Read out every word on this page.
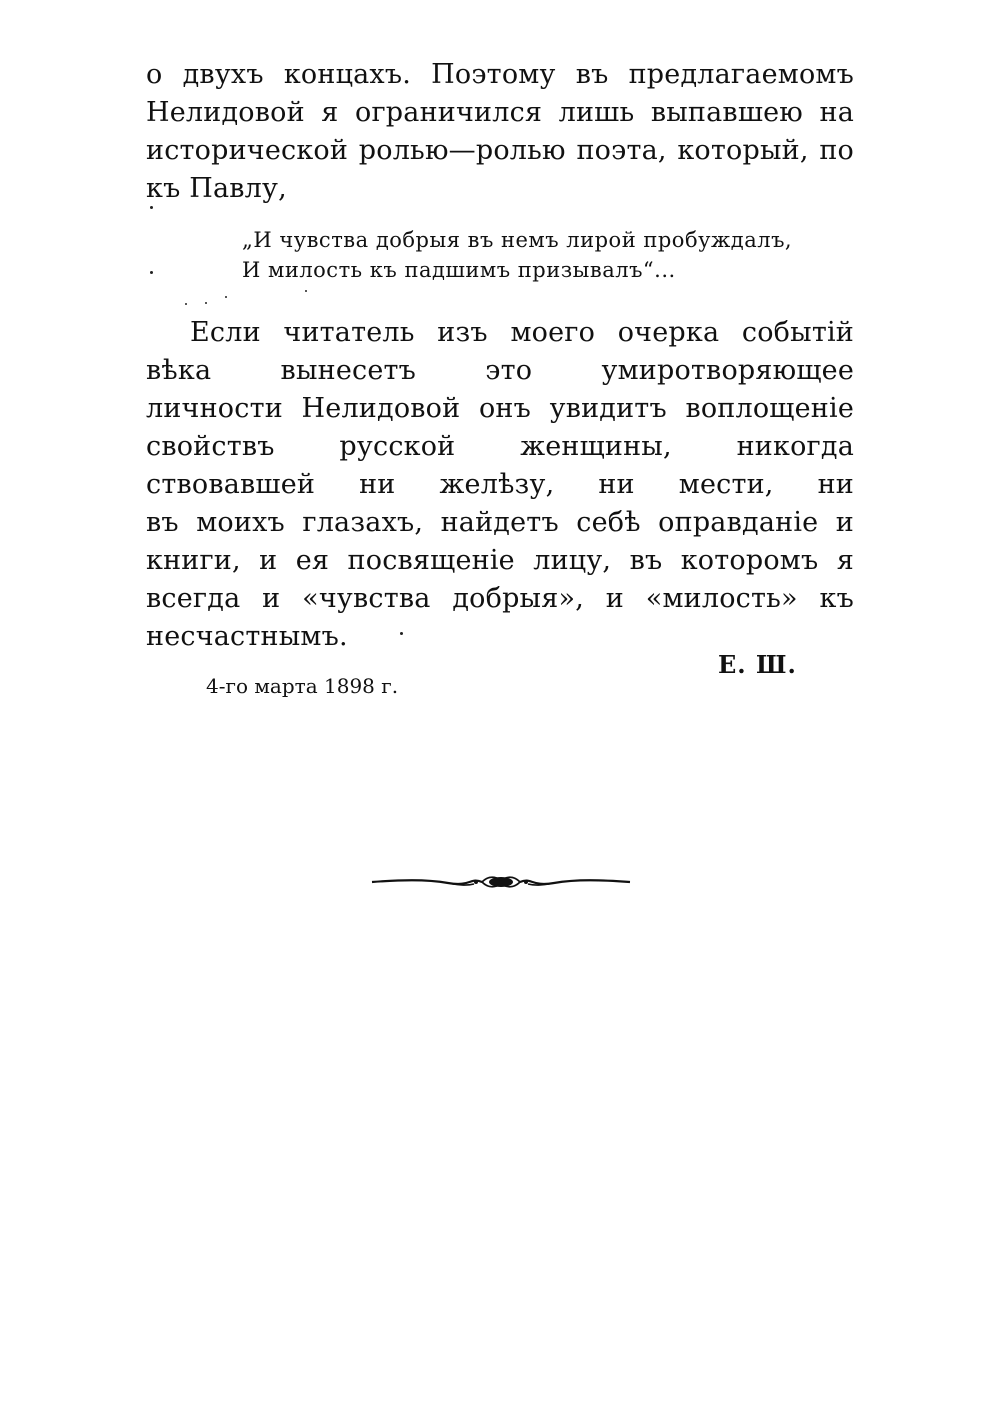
о двухъ концахъ. Поэтому въ предлагаемомъ
Нелидовой я ограничился лишь выпавшею на
исторической ролью—ролью поэта, который, по
къ Павлу,
„И чувства добрыя въ немъ лирой пробуждалъ,
И милость къ падшимъ призывалъ“...
Если читатель изъ моего очерка событій
вѣка вынесетъ это умиротворяющее
личности Нелидовой онъ увидитъ воплощеніе
свойствъ русской женщины, никогда
ствовавшей ни желѣзу, ни мести, ни
въ моихъ глазахъ, найдетъ себѣ оправданіе и
книги, и ея посвященіе лицу, въ которомъ я
всегда и «чувства добрыя», и «милость» къ
несчастнымъ.
Е. Ш.
4-го марта 1898 г.
